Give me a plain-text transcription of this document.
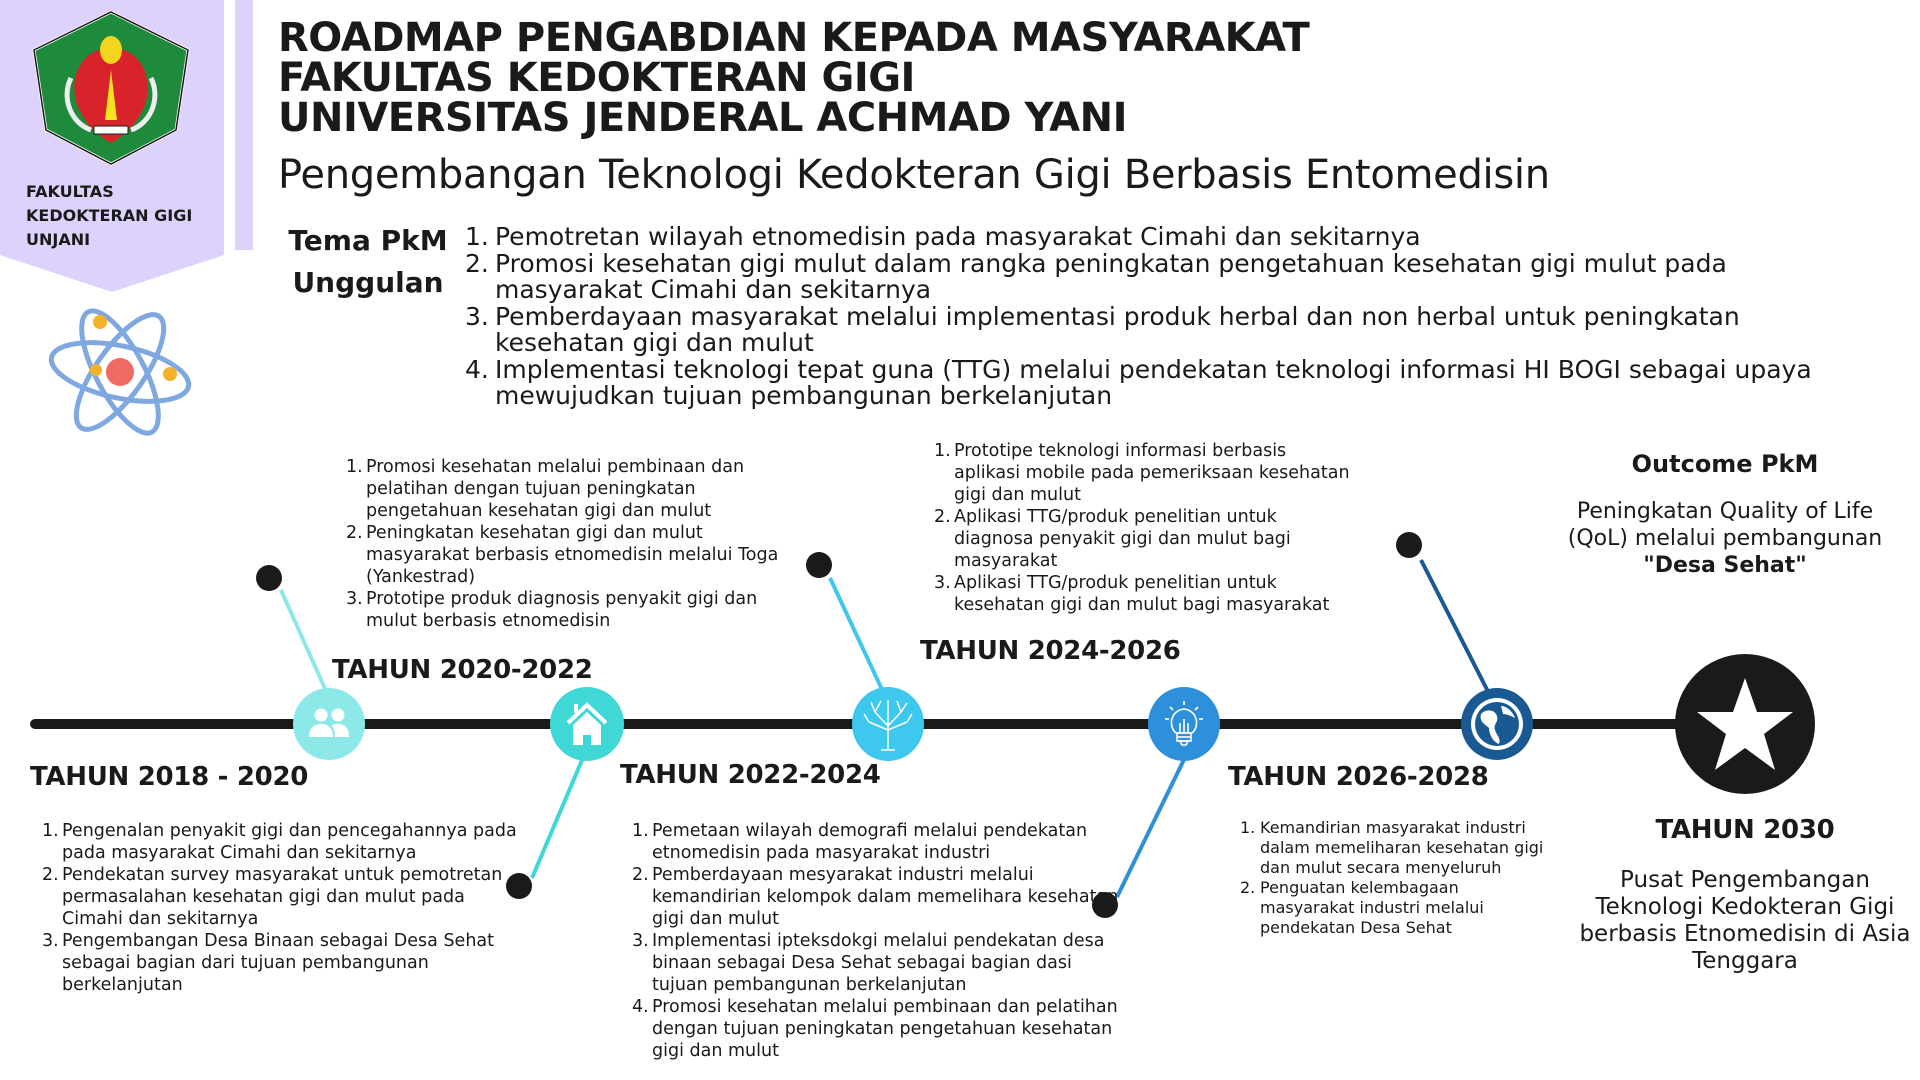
FAKULTAS
KEDOKTERAN GIGI
UNJANI
ROADMAP PENGABDIAN KEPADA MASYARAKAT
FAKULTAS KEDOKTERAN GIGI
UNIVERSITAS JENDERAL ACHMAD YANI
Pengembangan Teknologi Kedokteran Gigi Berbasis Entomedisin
Tema PkM
Unggulan
1. Pemotretan wilayah etnomedisin pada masyarakat Cimahi dan sekitarnya
2. Promosi kesehatan gigi mulut dalam rangka peningkatan pengetahuan kesehatan gigi mulut pada masyarakat Cimahi dan sekitarnya
3. Pemberdayaan masyarakat melalui implementasi produk herbal dan non herbal untuk peningkatan kesehatan gigi dan mulut
4. Implementasi teknologi tepat guna (TTG) melalui pendekatan teknologi informasi HI BOGI sebagai upaya mewujudkan tujuan pembangunan berkelanjutan
TAHUN 2018 - 2020
1. Pengenalan penyakit gigi dan pencegahannya pada pada masyarakat Cimahi dan sekitarnya
2. Pendekatan survey masyarakat untuk pemotretan permasalahan kesehatan gigi dan mulut pada Cimahi dan sekitarnya
3. Pengembangan Desa Binaan sebagai Desa Sehat sebagai bagian dari tujuan pembangunan berkelanjutan
1. Promosi kesehatan melalui pembinaan dan pelatihan dengan tujuan peningkatan pengetahuan kesehatan gigi dan mulut
2. Peningkatan kesehatan gigi dan mulut masyarakat berbasis etnomedisin melalui Toga (Yankestrad)
3. Prototipe produk diagnosis penyakit gigi dan mulut berbasis etnomedisin
TAHUN 2020-2022
TAHUN 2022-2024
1. Pemetaan wilayah demografi melalui pendekatan etnomedisin pada masyarakat industri
2. Pemberdayaan mesyarakat industri melalui kemandirian kelompok dalam memelihara kesehatan gigi dan mulut
3. Implementasi ipteksdokgi melalui pendekatan desa binaan sebagai Desa Sehat sebagai bagian dasi tujuan pembangunan berkelanjutan
4. Promosi kesehatan melalui pembinaan dan pelatihan dengan tujuan peningkatan pengetahuan kesehatan gigi dan mulut
1. Prototipe teknologi informasi berbasis aplikasi mobile pada pemeriksaan kesehatan gigi dan mulut
2. Aplikasi TTG/produk penelitian untuk diagnosa penyakit gigi dan mulut bagi masyarakat
3. Aplikasi TTG/produk penelitian untuk kesehatan gigi dan mulut bagi masyarakat
TAHUN 2024-2026
TAHUN 2026-2028
1. Kemandirian masyarakat industri dalam memeliharan kesehatan gigi dan mulut secara menyeluruh
2. Penguatan kelembagaan masyarakat industri melalui pendekatan Desa Sehat
Outcome PkM
Peningkatan Quality of Life (QoL) melalui pembangunan
"Desa Sehat"
TAHUN 2030
Pusat Pengembangan Teknologi Kedokteran Gigi berbasis Etnomedisin di Asia Tenggara
